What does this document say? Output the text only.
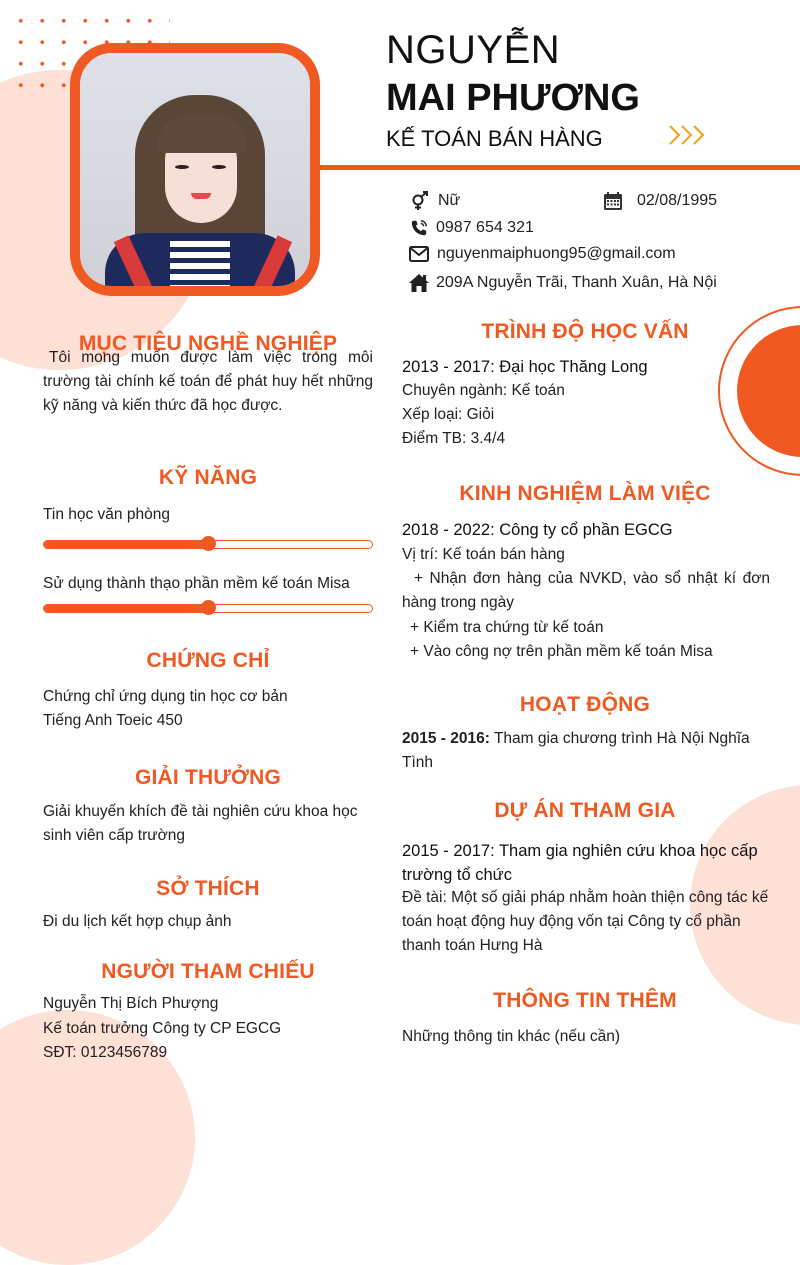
NGUYỄN
MAI PHƯƠNG
KẾ TOÁN BÁN HÀNG
Nữ	02/08/1995
0987 654 321
nguyenmaiphuong95@gmail.com
209A Nguyễn Trãi, Thanh Xuân, Hà Nội
MỤC TIÊU NGHỀ NGHIỆP
Tôi mong muốn được làm việc trong môi trường tài chính kế toán để phát huy hết những kỹ năng và kiến thức đã học được.
KỸ NĂNG
Tin học văn phòng
Sử dụng thành thạo phần mềm kế toán Misa
CHỨNG CHỈ
Chứng chỉ ứng dụng tin học cơ bản
Tiếng Anh Toeic 450
GIẢI THƯỞNG
Giải khuyến khích đề tài nghiên cứu khoa học sinh viên cấp trường
SỞ THÍCH
Đi du lịch kết hợp chụp ảnh
NGƯỜI THAM CHIẾU
Nguyễn Thị Bích Phượng
Kế toán trưởng Công ty CP EGCG
SĐT: 0123456789
TRÌNH ĐỘ HỌC VẤN
2013 - 2017: Đại học Thăng Long
Chuyên ngành: Kế toán
Xếp loại: Giỏi
Điểm TB: 3.4/4
KINH NGHIỆM LÀM VIỆC
2018 - 2022: Công ty cổ phần EGCG
Vị trí: Kế toán bán hàng
+ Nhận đơn hàng của NVKD, vào sổ nhật kí đơn hàng trong ngày
+ Kiểm tra chứng từ kế toán
+ Vào công nợ trên phần mềm kế toán Misa
HOẠT ĐỘNG
2015 - 2016: Tham gia chương trình Hà Nội Nghĩa Tình
DỰ ÁN THAM GIA
2015 - 2017: Tham gia nghiên cứu khoa học cấp trường tổ chức
Đề tài: Một số giải pháp nhằm hoàn thiện công tác kế toán hoạt động huy động vốn tại Công ty cổ phần thanh toán Hưng Hà
THÔNG TIN THÊM
Những thông tin khác (nếu cần)
